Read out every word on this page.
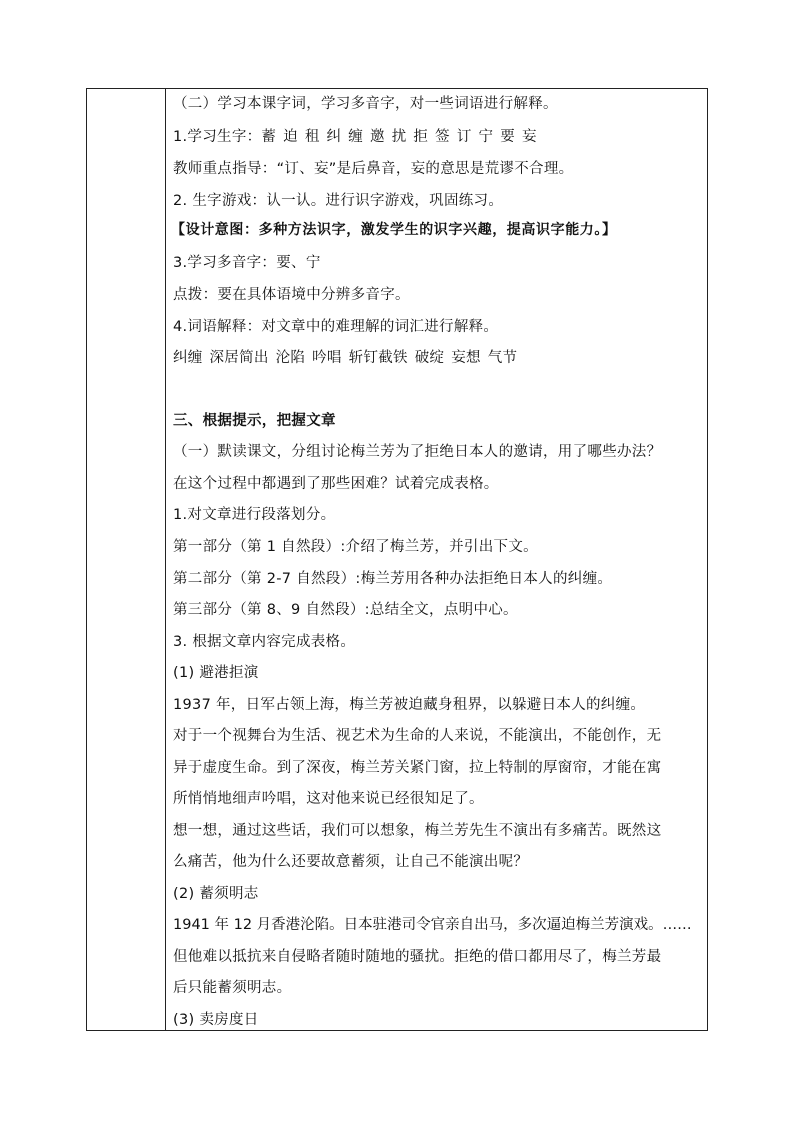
（二）学习本课字词，学习多音字，对一些词语进行解释。
1.学习生字：蓄 迫 租 纠 缠 邀 扰 拒 签 订 宁 要 妄
教师重点指导：“订、妄”是后鼻音，妄的意思是荒谬不合理。
2. 生字游戏：认一认。进行识字游戏，巩固练习。
【设计意图：多种方法识字，激发学生的识字兴趣，提高识字能力。】
3.学习多音字：要、宁
点拨：要在具体语境中分辨多音字。
4.词语解释：对文章中的难理解的词汇进行解释。
纠缠 深居简出 沦陷 吟唱 斩钉截铁 破绽 妄想 气节
三、根据提示，把握文章
（一）默读课文，分组讨论梅兰芳为了拒绝日本人的邀请，用了哪些办法？
在这个过程中都遇到了那些困难？试着完成表格。
1.对文章进行段落划分。
第一部分（第 1 自然段）:介绍了梅兰芳，并引出下文。
第二部分（第 2-7 自然段）:梅兰芳用各种办法拒绝日本人的纠缠。
第三部分（第 8、9 自然段）:总结全文，点明中心。
3. 根据文章内容完成表格。
(1) 避港拒演
1937 年，日军占领上海，梅兰芳被迫藏身租界，以躲避日本人的纠缠。
对于一个视舞台为生活、视艺术为生命的人来说，不能演出，不能创作，无
异于虚度生命。到了深夜，梅兰芳关紧门窗，拉上特制的厚窗帘，才能在寓
所悄悄地细声吟唱，这对他来说已经很知足了。
想一想，通过这些话，我们可以想象，梅兰芳先生不演出有多痛苦。既然这
么痛苦，他为什么还要故意蓄须，让自己不能演出呢？
(2) 蓄须明志
1941 年 12 月香港沦陷。日本驻港司令官亲自出马，多次逼迫梅兰芳演戏。……
但他难以抵抗来自侵略者随时随地的骚扰。拒绝的借口都用尽了，梅兰芳最
后只能蓄须明志。
(3) 卖房度日
